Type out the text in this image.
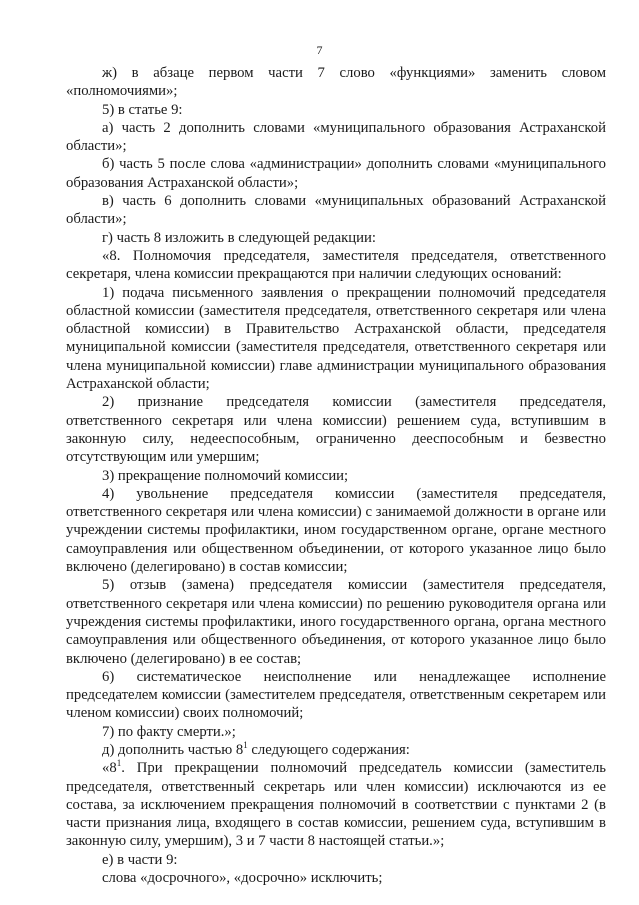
7

ж) в абзаце первом части 7 слово «функциями» заменить словом «полномочиями»;

5) в статье 9:

а) часть 2 дополнить словами «муниципального образования Астраханской области»;

б) часть 5 после слова «администрации» дополнить словами «муниципального образования Астраханской области»;

в) часть 6 дополнить словами «муниципальных образований Астраханской области»;

г) часть 8 изложить в следующей редакции:

«8. Полномочия председателя, заместителя председателя, ответственного секретаря, члена комиссии прекращаются при наличии следующих оснований:

1) подача письменного заявления о прекращении полномочий председателя областной комиссии (заместителя председателя, ответственного секретаря или члена областной комиссии) в Правительство Астраханской области, председателя муниципальной комиссии (заместителя председателя, ответственного секретаря или члена муниципальной комиссии) главе администрации муниципального образования Астраханской области;

2) признание председателя комиссии (заместителя председателя, ответственного секретаря или члена комиссии) решением суда, вступившим в законную силу, недееспособным, ограниченно дееспособным и безвестно отсутствующим или умершим;

3) прекращение полномочий комиссии;

4) увольнение председателя комиссии (заместителя председателя, ответственного секретаря или члена комиссии) с занимаемой должности в органе или учреждении системы профилактики, ином государственном органе, органе местного самоуправления или общественном объединении, от которого указанное лицо было включено (делегировано) в состав комиссии;

5) отзыв (замена) председателя комиссии (заместителя председателя, ответственного секретаря или члена комиссии) по решению руководителя органа или учреждения системы профилактики, иного государственного органа, органа местного самоуправления или общественного объединения, от которого указанное лицо было включено (делегировано) в ее состав;

6) систематическое неисполнение или ненадлежащее исполнение председателем комиссии (заместителем председателя, ответственным секретарем или членом комиссии) своих полномочий;

7) по факту смерти.»;

д) дополнить частью $8^1$ следующего содержания:

«$8^1$. При прекращении полномочий председатель комиссии (заместитель председателя, ответственный секретарь или член комиссии) исключаются из ее состава, за исключением прекращения полномочий в соответствии с пунктами 2 (в части признания лица, входящего в состав комиссии, решением суда, вступившим в законную силу, умершим), 3 и 7 части 8 настоящей статьи.»;

е) в части 9:

слова «досрочного», «досрочно» исключить;
